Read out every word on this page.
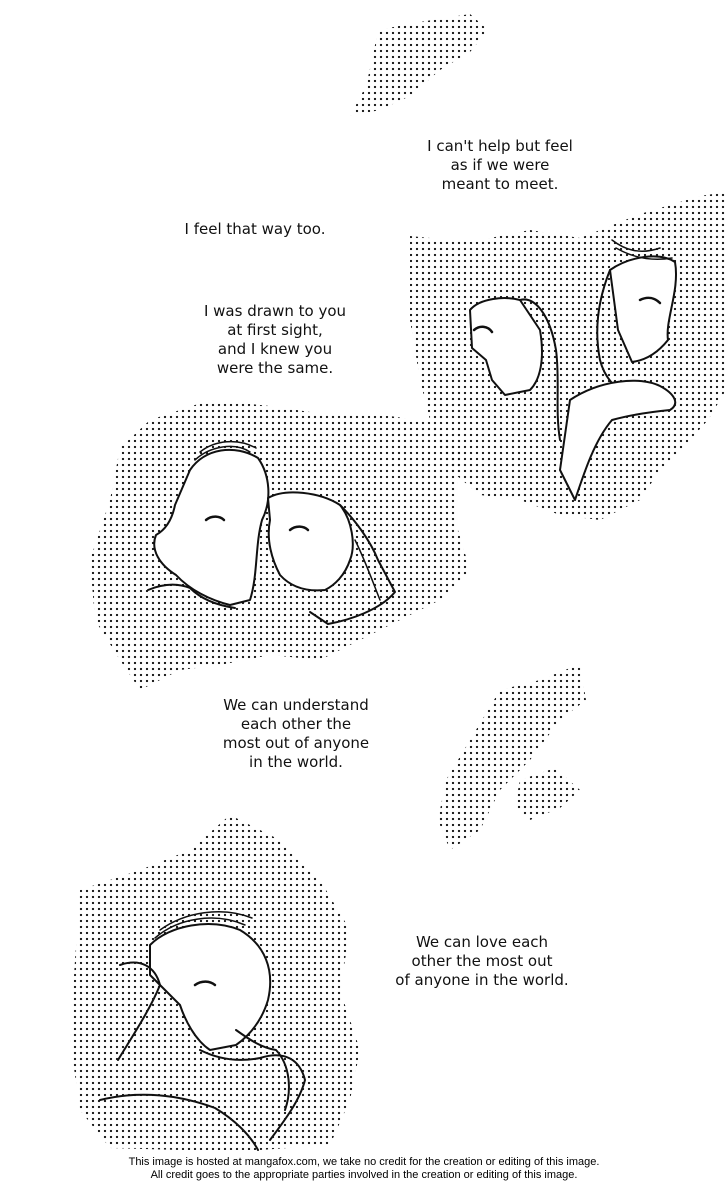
I can't help but feel
as if we were
meant to meet.
I feel that way too.
I was drawn to you
at first sight,
and I knew you
were the same.
We can understand
each other the
most out of anyone
in the world.
We can love each
other the most out
of anyone in the world.
This image is hosted at mangafox.com, we take no credit for the creation or editing of this image.
All credit goes to the appropriate parties involved in the creation or editing of this image.
